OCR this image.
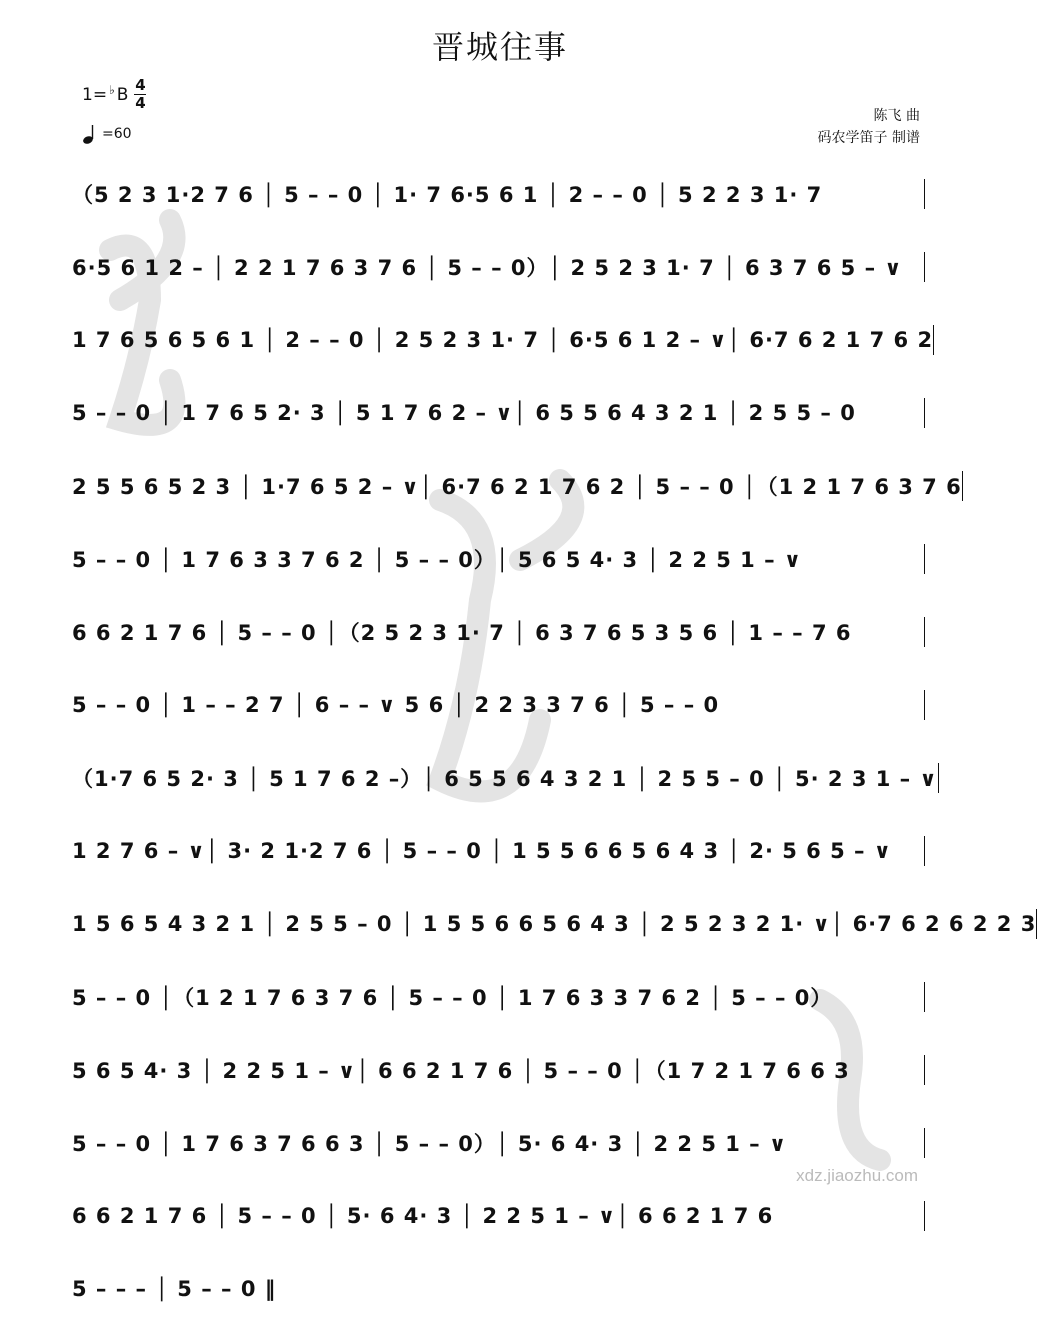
晋城往事
1= ♭ B 4
4
=60
陈飞 曲
码农学笛子 制谱
（5 2 3 1·2 7 6 │ 5 – – 0 │ 1· 7 6·5 6 1 │ 2 – – 0 │ 5 2 2 3 1· 7
6·5 6 1 2 – │ 2 2 1 7 6 3 7 6 │ 5 – – 0）│ 2 5 2 3 1· 7 │ 6 3 7 6 5 – ∨
1 7 6 5 6 5 6 1 │ 2 – – 0 │ 2 5 2 3 1· 7 │ 6·5 6 1 2 – ∨│ 6·7 6 2 1 7 6 2
5 – – 0 │ 1 7 6 5 2· 3 │ 5 1 7 6 2 – ∨│ 6 5 5 6 4 3 2 1 │ 2 5 5 – 0
2 5 5 6 5 2 3 │ 1·7 6 5 2 – ∨│ 6·7 6 2 1 7 6 2 │ 5 – – 0 │（1 2 1 7 6 3 7 6
5 – – 0 │ 1 7 6 3 3 7 6 2 │ 5 – – 0）│ 5 6 5 4· 3 │ 2 2 5 1 – ∨
6 6 2 1 7 6 │ 5 – – 0 │（2 5 2 3 1· 7 │ 6 3 7 6 5 3 5 6 │ 1 – – 7 6
5 – – 0 │ 1 – – 2 7 │ 6 – – ∨ 5 6 │ 2 2 3 3 7 6 │ 5 – – 0
（1·7 6 5 2· 3 │ 5 1 7 6 2 –）│ 6 5 5 6 4 3 2 1 │ 2 5 5 – 0 │ 5· 2 3 1 – ∨
1 2 7 6 – ∨│ 3· 2 1·2 7 6 │ 5 – – 0 │ 1 5 5 6 6 5 6 4 3 │ 2· 5 6 5 – ∨
1 5 6 5 4 3 2 1 │ 2 5 5 – 0 │ 1 5 5 6 6 5 6 4 3 │ 2 5 2 3 2 1· ∨│ 6·7 6 2 6 2 2 3
5 – – 0 │（1 2 1 7 6 3 7 6 │ 5 – – 0 │ 1 7 6 3 3 7 6 2 │ 5 – – 0）
5 6 5 4· 3 │ 2 2 5 1 – ∨│ 6 6 2 1 7 6 │ 5 – – 0 │（1 7 2 1 7 6 6 3
5 – – 0 │ 1 7 6 3 7 6 6 3 │ 5 – – 0）│ 5· 6 4· 3 │ 2 2 5 1 – ∨
6 6 2 1 7 6 │ 5 – – 0 │ 5· 6 4· 3 │ 2 2 5 1 – ∨│ 6 6 2 1 7 6
5 – – – │ 5 – – 0 ‖
xdz.jiaozhu.com
